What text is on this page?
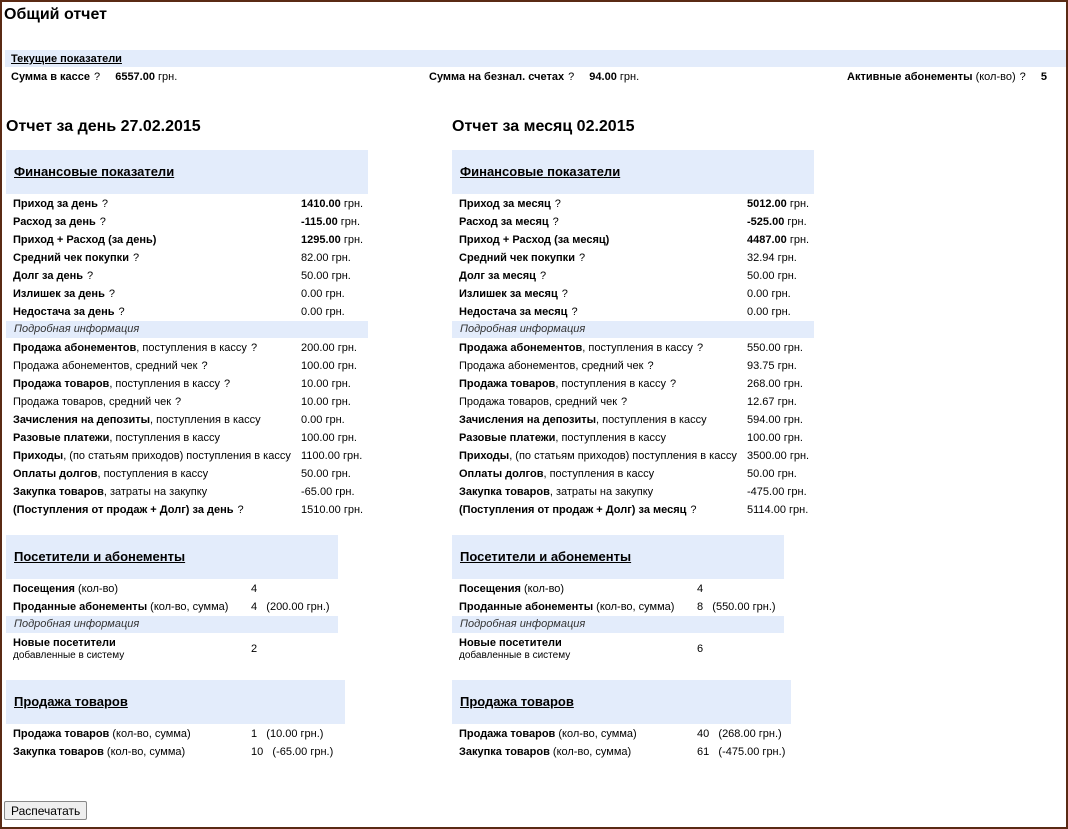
Общий отчет
Текущие показатели
Сумма в кассе ? 6557.00 грн.	Сумма на безнал. счетах ? 94.00 грн.	Активные абонементы (кол-во) ? 5
Отчет за день 27.02.2015
Финансовые показатели
Приход за день ?	1410.00 грн.
Расход за день ?	-115.00 грн.
Приход + Расход (за день)	1295.00 грн.
Средний чек покупки ?	82.00 грн.
Долг за день ?	50.00 грн.
Излишек за день ?	0.00 грн.
Недостача за день ?	0.00 грн.
Подробная информация
Продажа абонементов, поступления в кассу ?	200.00 грн.
Продажа абонементов, средний чек ?	100.00 грн.
Продажа товаров, поступления в кассу ?	10.00 грн.
Продажа товаров, средний чек ?	10.00 грн.
Зачисления на депозиты, поступления в кассу	0.00 грн.
Разовые платежи, поступления в кассу	100.00 грн.
Приходы, (по статьям приходов) поступления в кассу 1100.00 грн.
Оплаты долгов, поступления в кассу	50.00 грн.
Закупка товаров, затраты на закупку	-65.00 грн.
(Поступления от продаж + Долг) за день ?	1510.00 грн.
Посетители и абонементы
Посещения (кол-во)	4
Проданные абонементы (кол-во, сумма) 4   (200.00 грн.)
Подробная информация
Новые посетители
добавленные в систему
2
Продажа товаров
Продажа товаров (кол-во, сумма)	1   (10.00 грн.)
Закупка товаров (кол-во, сумма)	10   (-65.00 грн.)
Отчет за месяц 02.2015
Финансовые показатели
Приход за месяц ?	5012.00 грн.
Расход за месяц ?	-525.00 грн.
Приход + Расход (за месяц)	4487.00 грн.
Средний чек покупки ?	32.94 грн.
Долг за месяц ?	50.00 грн.
Излишек за месяц ?	0.00 грн.
Недостача за месяц ?	0.00 грн.
Подробная информация
Продажа абонементов, поступления в кассу ?	550.00 грн.
Продажа абонементов, средний чек ?	93.75 грн.
Продажа товаров, поступления в кассу ?	268.00 грн.
Продажа товаров, средний чек ?	12.67 грн.
Зачисления на депозиты, поступления в кассу	594.00 грн.
Разовые платежи, поступления в кассу	100.00 грн.
Приходы, (по статьям приходов) поступления в кассу 3500.00 грн.
Оплаты долгов, поступления в кассу	50.00 грн.
Закупка товаров, затраты на закупку	-475.00 грн.
(Поступления от продаж + Долг) за месяц ?	5114.00 грн.
Посетители и абонементы
Посещения (кол-во)	4
Проданные абонементы (кол-во, сумма) 8   (550.00 грн.)
Подробная информация
Новые посетители
добавленные в систему
6
Продажа товаров
Продажа товаров (кол-во, сумма)	40   (268.00 грн.)
Закупка товаров (кол-во, сумма)	61   (-475.00 грн.)
Распечатать
